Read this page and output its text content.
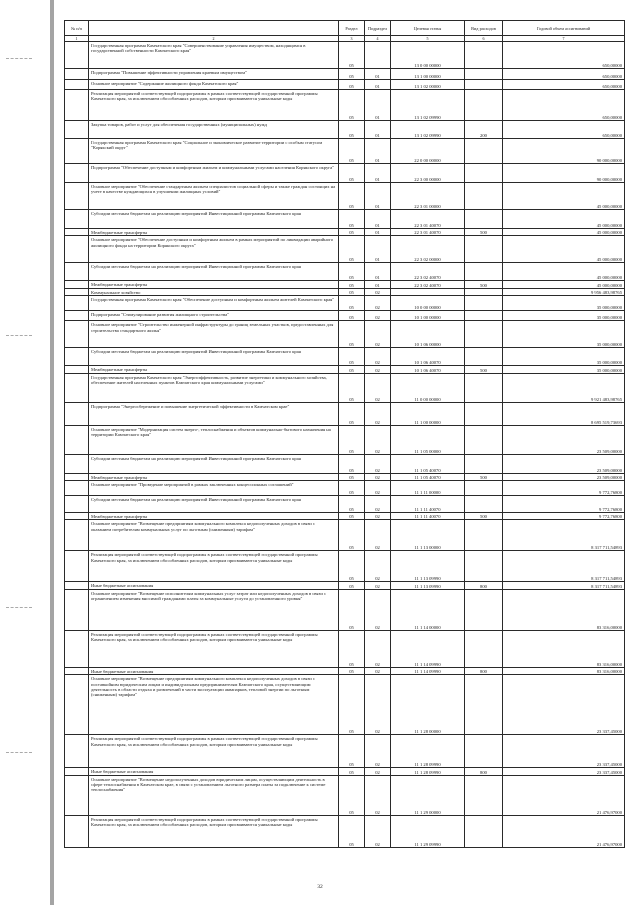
№ п/п		Раздел	Подраздел	Целевая статья	Вид расходов	Годовой объем ассигнований
1	2	3	4	5	6	7
	Государственная программа Камчатского края "Совершенствование управления имуществом, находящимся в государственной собственности Камчатского края"	05		13 0 00 00000		650,00000
	Подпрограмма "Повышение эффективности управления краевым имуществом"	05	01	13 1 00 00000		650,00000
	Основное мероприятие "Содержание жилищного фонда Камчатского края"	05	01	13 1 02 00000		650,00000
	Реализация мероприятий соответствующей подпрограммы в рамках соответствующей государственной программы Камчатского края, за исключением обособленных расходов, которым присваиваются уникальные коды	05	01	13 1 02 09990		650,00000
	Закупка товаров, работ и услуг для обеспечения государственных (муниципальных) нужд	05	01	13 1 02 09990	200	650,00000
	Государственная программа Камчатского края "Социальное и экономическое развитие территории с особым статусом "Корякский округ"	05	01	22 0 00 00000		90 000,00000
	Подпрограмма "Обеспечение доступным и комфортным жильем и коммунальными услугами населения Корякского округа"	05	01	22 3 00 00000		90 000,00000
	Основное мероприятие "Обеспечение стандартным жильем специалистов социальной сферы и также граждан состоящих на учете в качестве нуждающихся в улучшении жилищных условий"	05	01	22 3 01 00000		45 000,00000
	Субсидии местным бюджетам на реализацию мероприятий Инвестиционной программы Камчатского края	05	01	22 3 01 40070		45 000,00000
	Межбюджетные трансферты	05	01	22 3 01 40070	500	45 000,00000
	Основное мероприятие "Обеспечение доступным и комфортным жильем в рамках мероприятий по ликвидации аварийного жилищного фонда на территории Корякского округа"	05	01	22 3 02 00000		45 000,00000
	Субсидии местным бюджетам на реализацию мероприятий Инвестиционной программы Камчатского края	05	01	22 3 02 40070		45 000,00000
	Межбюджетные трансферты	05	01	22 3 02 40070	500	45 000,00000
	Коммунальное хозяйство	05	02			9 956 483,98765
	Государственная программа Камчатского края "Обеспечение доступным и комфортным жильем жителей Камчатского края"	05	02	10 0 00 00000		35 000,00000
	Подпрограмма "Стимулирование развития жилищного строительства"	05	02	10 1 00 00000		35 000,00000
	Основное мероприятие "Строительство инженерной инфраструктуры до границ земельных участков, предоставленных для строительства стандартного жилья"	05	02	10 1 06 00000		35 000,00000
	Субсидии местным бюджетам на реализацию мероприятий Инвестиционной программы Камчатского края	05	02	10 1 06 40070		35 000,00000
	Межбюджетные трансферты	05	02	10 1 06 40070	500	35 000,00000
	Государственная программа Камчатского края "Энергоэффективность, развитие энергетики и коммунального хозяйства, обеспечение жителей населенных пунктов Камчатского края коммунальными услугами"	05	02	11 0 00 00000		9 921 483,98765
	Подпрограмма "Энергосбережение и повышение энергетической эффективности в Камчатском крае"	05	02	11 1 00 00000		8 695 519,73693
	Основное мероприятие "Модернизация систем энерго-, теплоснабжения и объектов коммунально-бытового назначения на территории Камчатского края"	05	02	11 1 05 00000		23 509,00000
	Субсидии местным бюджетам на реализацию мероприятий Инвестиционной программы Камчатского края	05	02	11 1 05 40070		23 509,00000
	Межбюджетные трансферты	05	02	11 1 05 40070	500	23 509,00000
	Основное мероприятие "Проведение мероприятий в рамках заключенных концессионных соглашений"	05	02	11 1 11 00000		9 772,76800
	Субсидии местным бюджетам на реализацию мероприятий Инвестиционной программы Камчатского края	05	02	11 1 11 40070		9 772,76800
	Межбюджетные трансферты	05	02	11 1 11 40070	500	9 772,76800
	Основное мероприятие "Возмещение предприятиям коммунального комплекса недополученных доходов в связи с оказанием потребителям коммунальных услуг по льготным (сниженным) тарифам"	05	02	11 1 13 00000		8 317 711,54893
	Реализация мероприятий соответствующей подпрограммы в рамках соответствующей государственной программы Камчатского края, за исключением обособленных расходов, которым присваиваются уникальные коды	05	02	11 1 13 09990		8 317 711,54893
	Иные бюджетные ассигнования	05	02	11 1 13 09990	800	8 317 711,54893
	Основное мероприятие "Возмещение исполнителям коммунальных услуг затрат или недополученных доходов в связи с ограничением изменения вносимой гражданами платы за коммунальные услуги до установленного уровня"	05	02	11 1 14 00000		83 316,00000
	Реализация мероприятий соответствующей подпрограммы в рамках соответствующей государственной программы Камчатского края, за исключением обособленных расходов, которым присваиваются уникальные коды	05	02	11 1 14 09990		83 316,00000
	Иные бюджетные ассигнования	05	02	11 1 14 09990	800	83 316,00000
	Основное мероприятие "Возмещение предприятиям коммунального комплекса недополученных доходов в связи с поставкойним юридическим лицам и индивидуальным предпринимателям Камчатского края, осуществляющим деятельность в области отдыха и развлечений в части эксплуатации аквапарков, тепловой энергии по льготным (сниженным) тарифам"	05	02	11 1 28 00000		23 337,45000
	Реализация мероприятий соответствующей подпрограммы в рамках соответствующей государственной программы Камчатского края, за исключением обособленных расходов, которым присваиваются уникальные коды	05	02	11 1 28 09990		23 337,45000
	Иные бюджетные ассигнования	05	02	11 1 28 09990	800	23 337,45000
	Основное мероприятие "Возмещение недополученных доходов юридическим лицам, осуществляющим деятельность в сфере теплоснабжения в Камчатском крае, в связи с установлением льготного размера платы за подключение к системе теплоснабжения"	05	02	11 1 29 00000		21 476,97000
	Реализация мероприятий соответствующей подпрограммы в рамках соответствующей государственной программы Камчатского края, за исключением обособленных расходов, которым присваиваются уникальные коды	05	02	11 1 29 09990		21 476,97000
32
